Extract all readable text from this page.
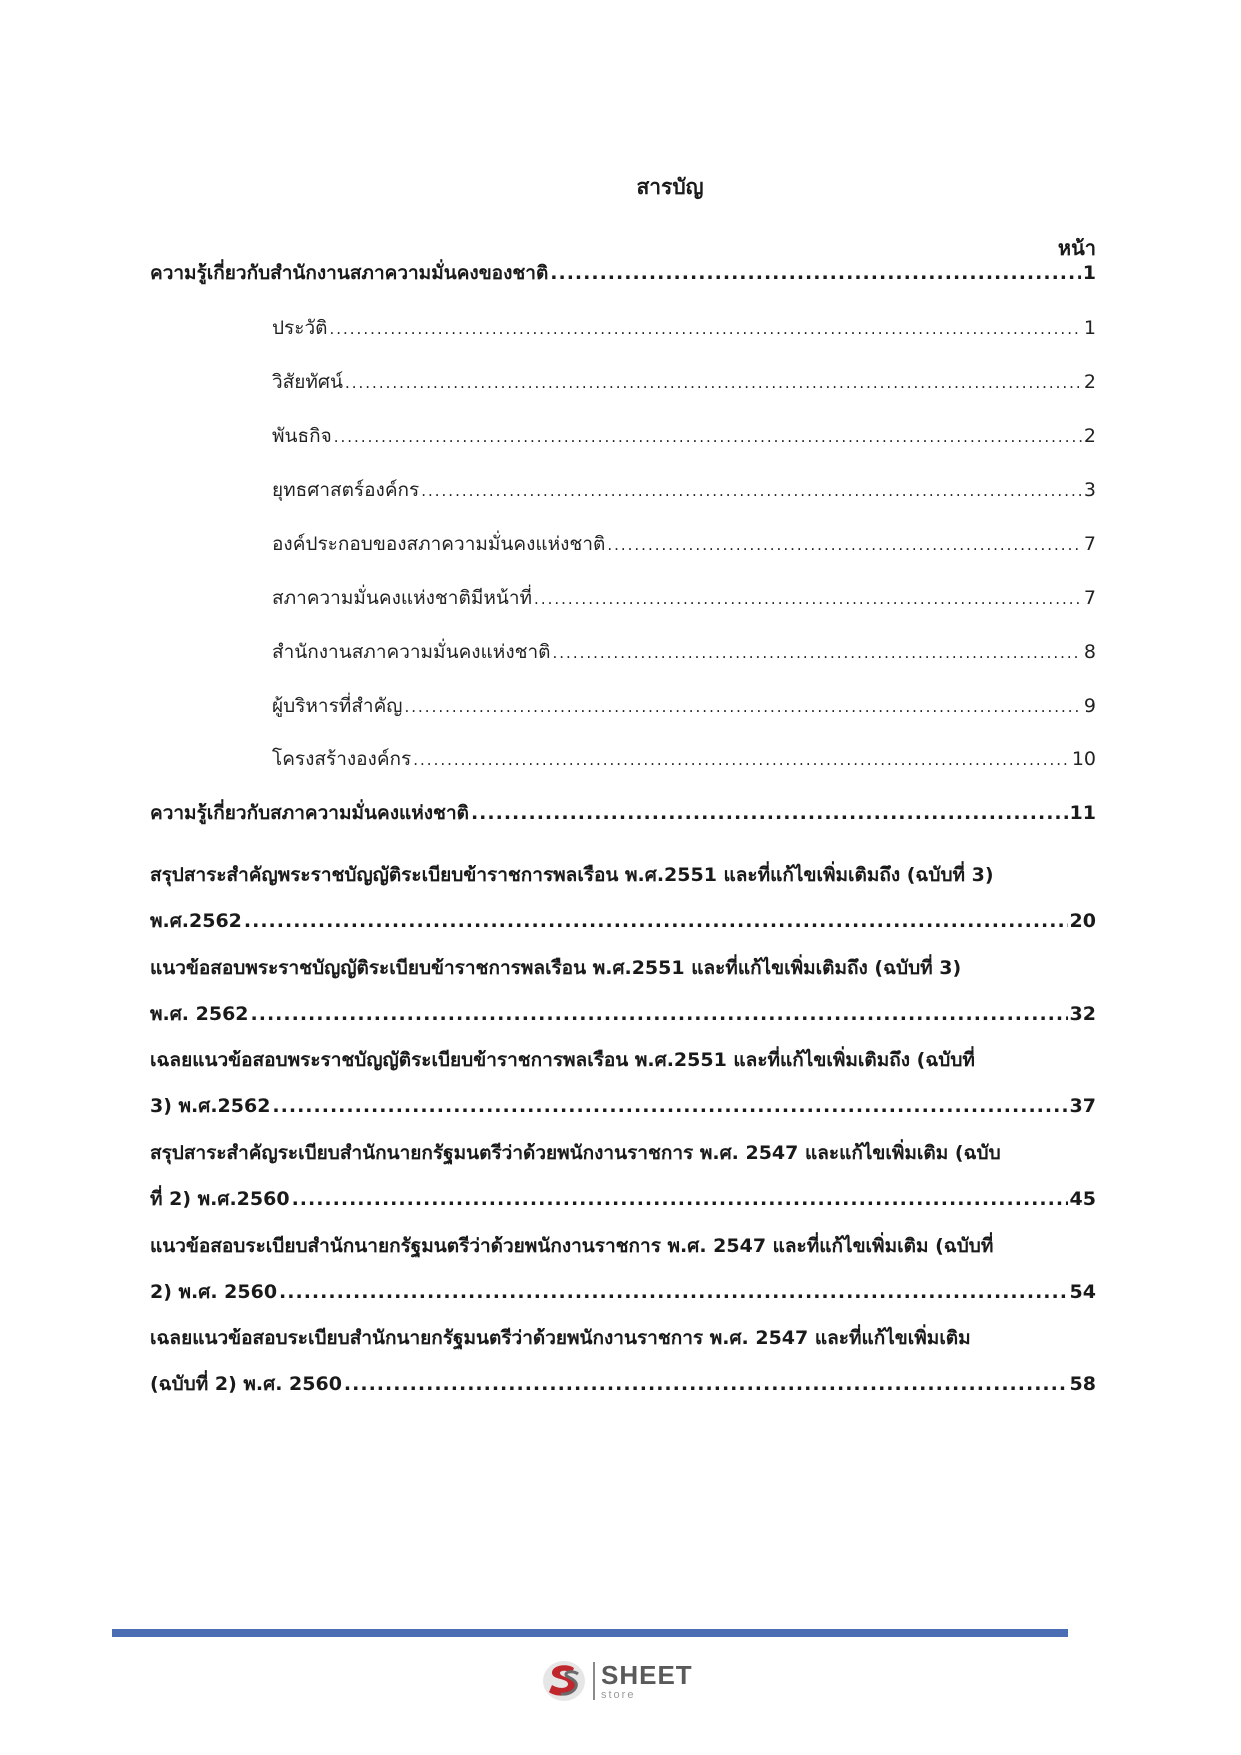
สารบัญ
หน้า
ความรู้เกี่ยวกับสำนักงานสภาความมั่นคงของชาติ .....	1
ประวัติ .....	1
วิสัยทัศน์ .....	2
พันธกิจ .....	2
ยุทธศาสตร์องค์กร .....	3
องค์ประกอบของสภาความมั่นคงแห่งชาติ .....	7
สภาความมั่นคงแห่งชาติมีหน้าที่ .....	7
สำนักงานสภาความมั่นคงแห่งชาติ .....	8
ผู้บริหารที่สำคัญ .....	9
โครงสร้างองค์กร .....	10
ความรู้เกี่ยวกับสภาความมั่นคงแห่งชาติ .....	11
สรุปสาระสำคัญพระราชบัญญัติระเบียบข้าราชการพลเรือน พ.ศ.2551 และที่แก้ไขเพิ่มเติมถึง (ฉบับที่ 3)
พ.ศ.2562 .....	20
แนวข้อสอบพระราชบัญญัติระเบียบข้าราชการพลเรือน พ.ศ.2551 และที่แก้ไขเพิ่มเติมถึง (ฉบับที่ 3)
พ.ศ. 2562 .....	32
เฉลยแนวข้อสอบพระราชบัญญัติระเบียบข้าราชการพลเรือน พ.ศ.2551 และที่แก้ไขเพิ่มเติมถึง (ฉบับที่
3) พ.ศ.2562 .....	37
สรุปสาระสำคัญระเบียบสำนักนายกรัฐมนตรีว่าด้วยพนักงานราชการ พ.ศ. 2547 และแก้ไขเพิ่มเติม (ฉบับ
ที่ 2) พ.ศ.2560 .....	45
แนวข้อสอบระเบียบสำนักนายกรัฐมนตรีว่าด้วยพนักงานราชการ พ.ศ. 2547 และที่แก้ไขเพิ่มเติม (ฉบับที่
2) พ.ศ. 2560 .....	54
เฉลยแนวข้อสอบระเบียบสำนักนายกรัฐมนตรีว่าด้วยพนักงานราชการ พ.ศ. 2547 และที่แก้ไขเพิ่มเติม
(ฉบับที่ 2) พ.ศ. 2560 .....	58
SHEET
store
